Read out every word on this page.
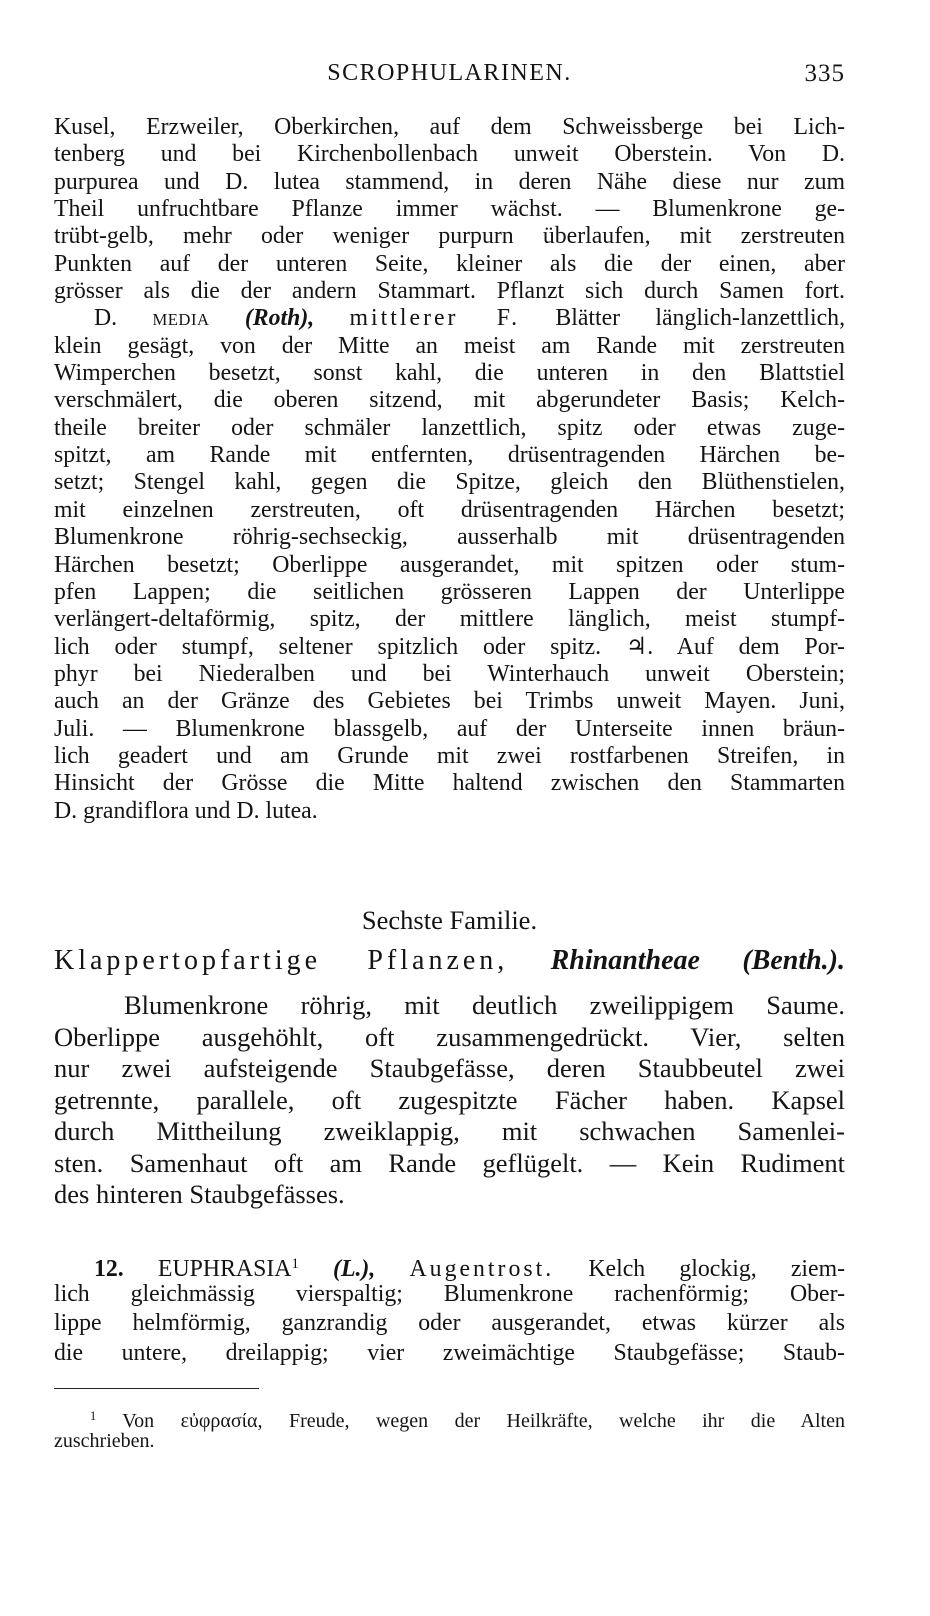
SCROPHULARINEN.	335
Kusel, Erzweiler, Oberkirchen, auf dem Schweissberge bei Lich-
tenberg und bei Kirchenbollenbach unweit Oberstein. Von D.
purpurea und D. lutea stammend, in deren Nähe diese nur zum
Theil unfruchtbare Pflanze immer wächst. — Blumenkrone ge-
trübt-gelb, mehr oder weniger purpurn überlaufen, mit zerstreuten
Punkten auf der unteren Seite, kleiner als die der einen, aber
grösser als die der andern Stammart. Pflanzt sich durch Samen fort.
D. MEDIA (Roth), mittlerer F. Blätter länglich-lanzettlich,
klein gesägt, von der Mitte an meist am Rande mit zerstreuten
Wimperchen besetzt, sonst kahl, die unteren in den Blattstiel
verschmälert, die oberen sitzend, mit abgerundeter Basis; Kelch-
theile breiter oder schmäler lanzettlich, spitz oder etwas zuge-
spitzt, am Rande mit entfernten, drüsentragenden Härchen be-
setzt; Stengel kahl, gegen die Spitze, gleich den Blüthenstielen,
mit einzelnen zerstreuten, oft drüsentragenden Härchen besetzt;
Blumenkrone röhrig-sechseckig, ausserhalb mit drüsentragenden
Härchen besetzt; Oberlippe ausgerandet, mit spitzen oder stum-
pfen Lappen; die seitlichen grösseren Lappen der Unterlippe
verlängert-deltaförmig, spitz, der mittlere länglich, meist stumpf-
lich oder stumpf, seltener spitzlich oder spitz. ♃. Auf dem Por-
phyr bei Niederalben und bei Winterhauch unweit Oberstein;
auch an der Gränze des Gebietes bei Trimbs unweit Mayen. Juni,
Juli. — Blumenkrone blassgelb, auf der Unterseite innen bräun-
lich geadert und am Grunde mit zwei rostfarbenen Streifen, in
Hinsicht der Grösse die Mitte haltend zwischen den Stammarten
D. grandiflora und D. lutea.
Sechste Familie.
Klappertopfartige Pflanzen, Rhinantheae (Benth.).
Blumenkrone röhrig, mit deutlich zweilippigem Saume.
Oberlippe ausgehöhlt, oft zusammengedrückt. Vier, selten
nur zwei aufsteigende Staubgefässe, deren Staubbeutel zwei
getrennte, parallele, oft zugespitzte Fächer haben. Kapsel
durch Mittheilung zweiklappig, mit schwachen Samenlei-
sten. Samenhaut oft am Rande geflügelt. — Kein Rudiment
des hinteren Staubgefässes.
12. EUPHRASIA$^1$ (L.), Augentrost. Kelch glockig, ziem-
lich gleichmässig vierspaltig; Blumenkrone rachenförmig; Ober-
lippe helmförmig, ganzrandig oder ausgerandet, etwas kürzer als
die untere, dreilappig; vier zweimächtige Staubgefässe; Staub-
$^1$ Von εὐφρασία, Freude, wegen der Heilkräfte, welche ihr die Alten
zuschrieben.
